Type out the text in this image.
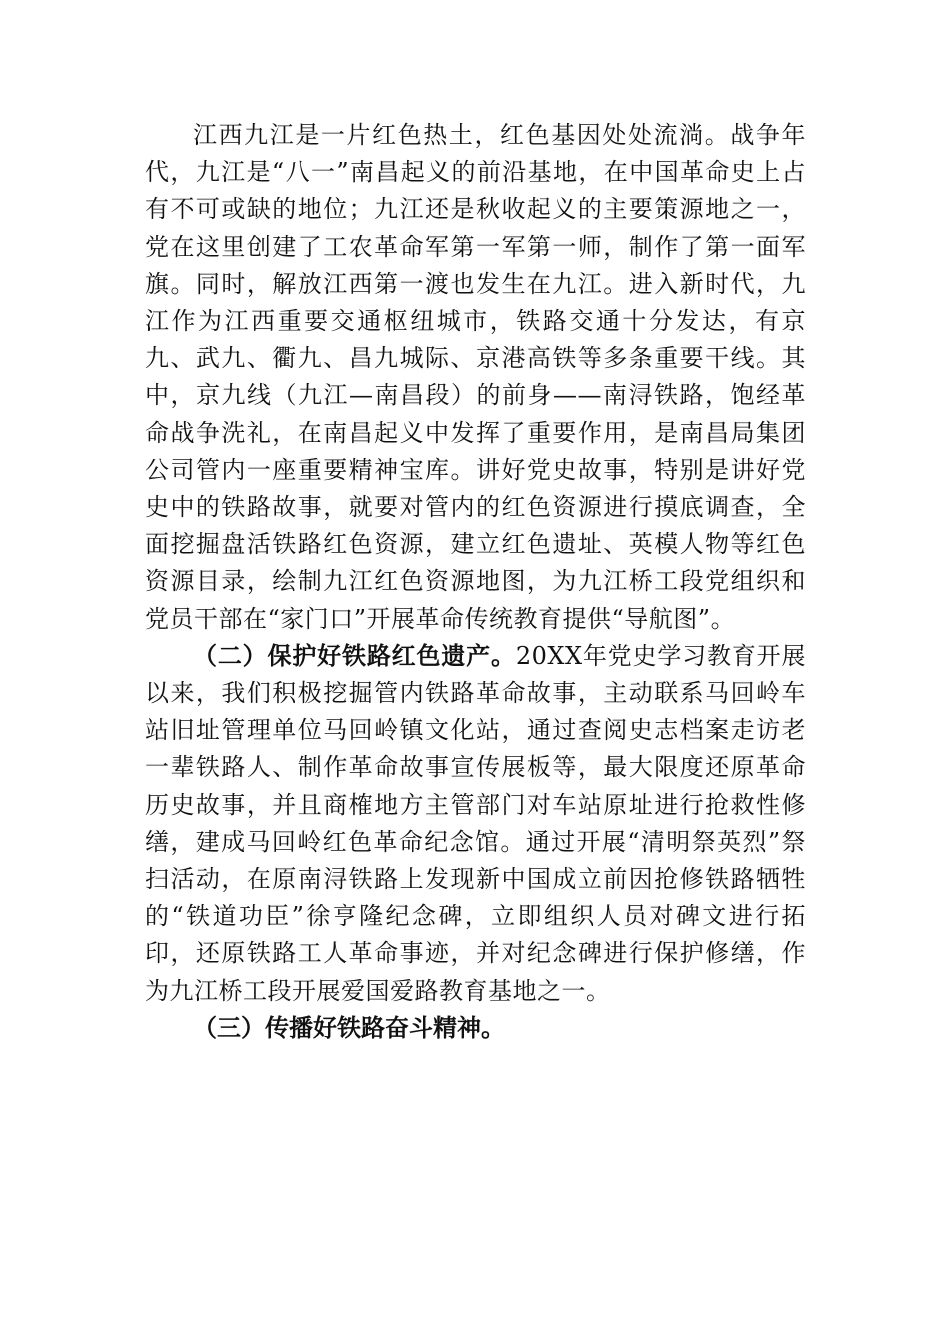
江西九江是一片红色热土，红色基因处处流淌。战争年代，九江是“八一”南昌起义的前沿基地，在中国革命史上占有不可或缺的地位；九江还是秋收起义的主要策源地之一，党在这里创建了工农革命军第一军第一师，制作了第一面军旗。同时，解放江西第一渡也发生在九江。进入新时代，九江作为江西重要交通枢纽城市，铁路交通十分发达，有京九、武九、衢九、昌九城际、京港高铁等多条重要干线。其中，京九线（九江—南昌段）的前身——南浔铁路，饱经革命战争洗礼，在南昌起义中发挥了重要作用，是南昌局集团公司管内一座重要精神宝库。讲好党史故事，特别是讲好党史中的铁路故事，就要对管内的红色资源进行摸底调查，全面挖掘盘活铁路红色资源，建立红色遗址、英模人物等红色资源目录，绘制九江红色资源地图，为九江桥工段党组织和党员干部在“家门口”开展革命传统教育提供“导航图”。

（二）保护好铁路红色遗产。20XX年党史学习教育开展以来，我们积极挖掘管内铁路革命故事，主动联系马回岭车站旧址管理单位马回岭镇文化站，通过查阅史志档案走访老一辈铁路人、制作革命故事宣传展板等，最大限度还原革命历史故事，并且商榷地方主管部门对车站原址进行抢救性修缮，建成马回岭红色革命纪念馆。通过开展“清明祭英烈”祭扫活动，在原南浔铁路上发现新中国成立前因抢修铁路牺牲的“铁道功臣”徐亨隆纪念碑，立即组织人员对碑文进行拓印，还原铁路工人革命事迹，并对纪念碑进行保护修缮，作为九江桥工段开展爱国爱路教育基地之一。

（三）传播好铁路奋斗精神。
